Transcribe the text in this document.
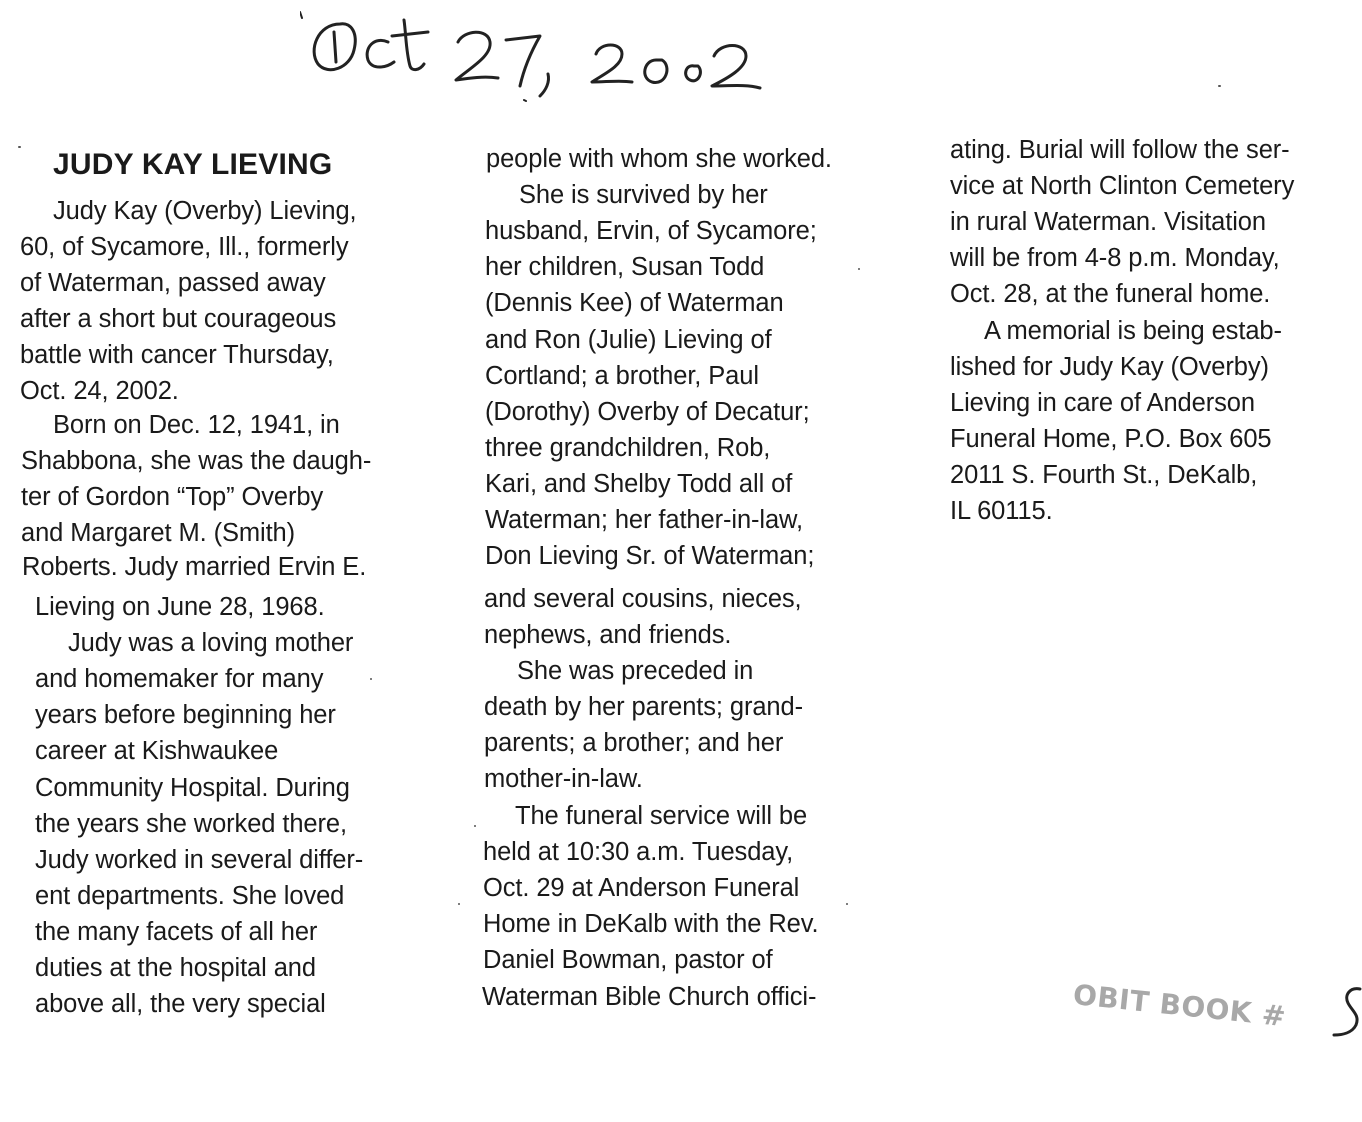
JUDY KAY LIEVING
Judy Kay (Overby) Lieving,
60, of Sycamore, Ill., formerly
of Waterman, passed away
after a short but courageous
battle with cancer Thursday,
Oct. 24, 2002.
Born on Dec. 12, 1941, in
Shabbona, she was the daugh-
ter of Gordon “Top” Overby
and Margaret M. (Smith)
Roberts. Judy married Ervin E.
Lieving on June 28, 1968.
Judy was a loving mother
and homemaker for many
years before beginning her
career at Kishwaukee
Community Hospital. During
the years she worked there,
Judy worked in several differ-
ent departments. She loved
the many facets of all her
duties at the hospital and
above all, the very special
people with whom she worked.
She is survived by her
husband, Ervin, of Sycamore;
her children, Susan Todd
(Dennis Kee) of Waterman
and Ron (Julie) Lieving of
Cortland; a brother, Paul
(Dorothy) Overby of Decatur;
three grandchildren, Rob,
Kari, and Shelby Todd all of
Waterman; her father-in-law,
Don Lieving Sr. of Waterman;
and several cousins, nieces,
nephews, and friends.
She was preceded in
death by her parents; grand-
parents; a brother; and her
mother-in-law.
The funeral service will be
held at 10:30 a.m. Tuesday,
Oct. 29 at Anderson Funeral
Home in DeKalb with the Rev.
Daniel Bowman, pastor of
Waterman Bible Church offici-
ating. Burial will follow the ser-
vice at North Clinton Cemetery
in rural Waterman. Visitation
will be from 4-8 p.m. Monday,
Oct. 28, at the funeral home.
A memorial is being estab-
lished for Judy Kay (Overby)
Lieving in care of Anderson
Funeral Home, P.O. Box 605
2011 S. Fourth St., DeKalb,
IL 60115.
OBIT BOOK #
